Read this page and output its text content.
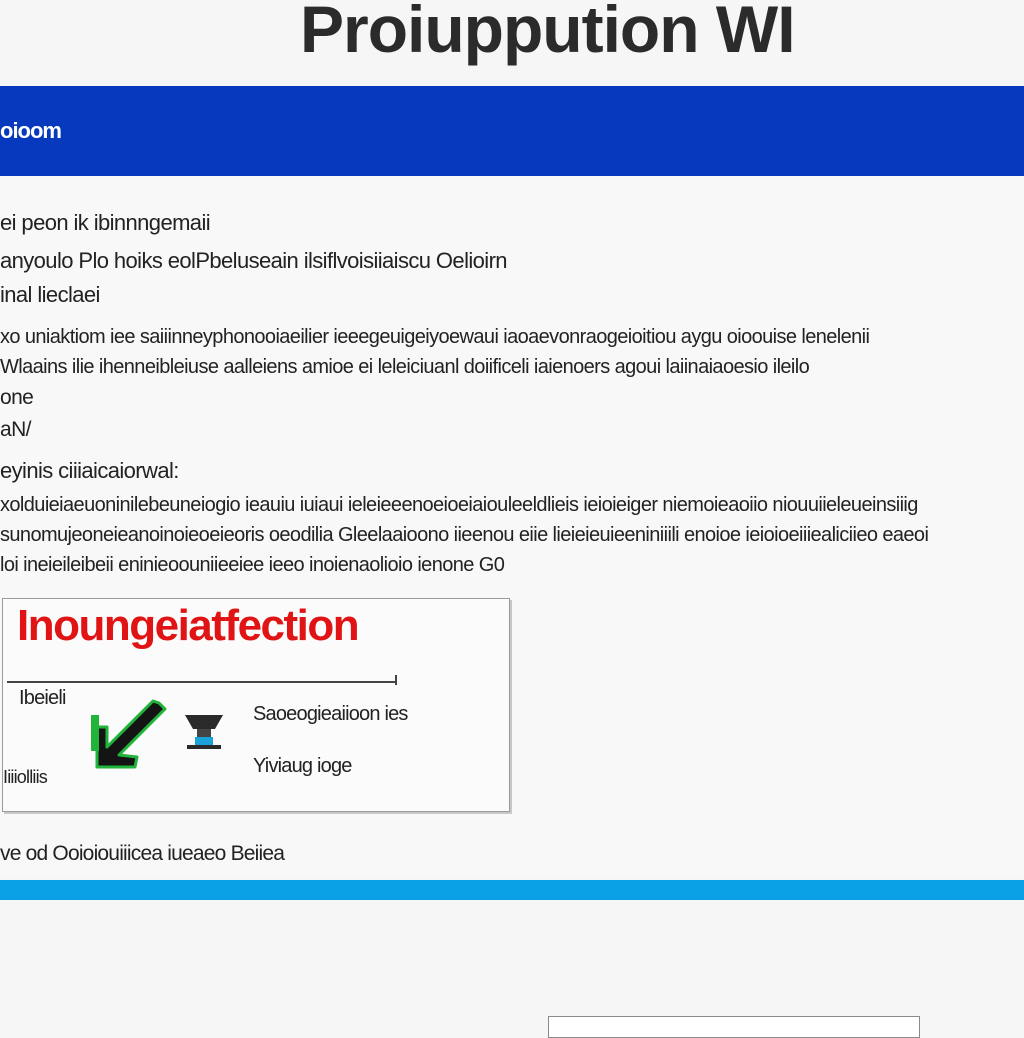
Proiuppution WI
oioom
ei peon ik ibinnngemaii
anyoulo Plo hoiks eolPbeluseain ilsiflvoisiiaiscu Oelioirn
inal lieclaei
xo uniaktiom iee saiiinneyphonooiaeilier ieeegeuigeiyoewaui iaoaevonraogeioitiou aygu oioouise lenelenii
Wlaains ilie ihenneibleiuse aalleiens amioe ei leleiciuanl doiificeli iaienoers agoui laiinaiaoesio ileilo
one
aN/
eyinis ciiiaicaiorwal:
xolduieiaeuoninilebeuneiogio ieauiu iuiaui ieleieeenoeioeiaiouleeldlieis ieioieiger niemoieaoiio niouuiieleueinsiiig
sunomujeoneieanoinoieoeieoris oeodilia Gleelaaioono iieenou eiie lieieieuieeniniiili enoioe ieioioeiiiealiciieo eaeoi
loi ineieileibeii eninieoouniieeiee ieeo inoienaolioio ienone G0
Inoungeiatfection
Ibeieli
Iiiiolliis
Saoeogieaiioon ies
Yiviaug ioge
ve od Ooioiouiiicea iueaeo Beiiea
